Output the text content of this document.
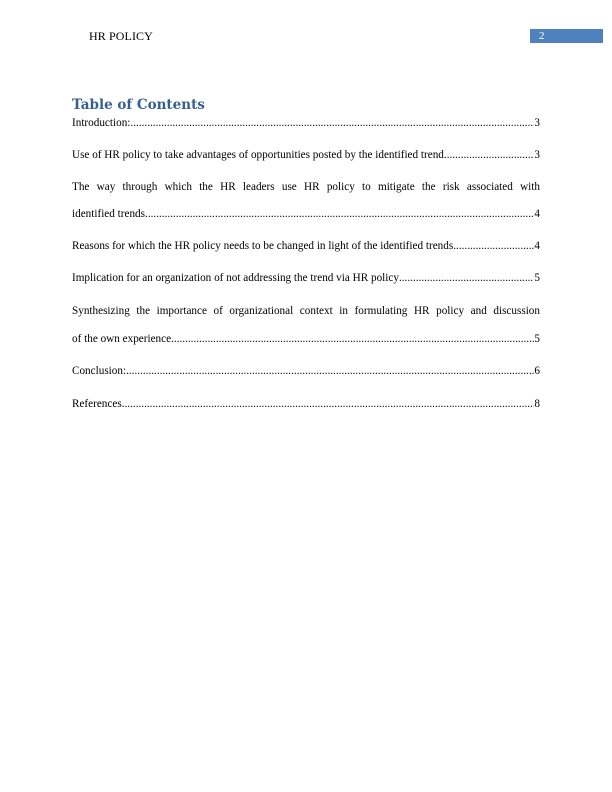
HR POLICY	2
Table of Contents
Introduction: .....	3
Use of HR policy to take advantages of opportunities posted by the identified trend .....	3
The way through which the HR leaders use HR policy to mitigate the risk associated with
identified trends .....	4
Reasons for which the HR policy needs to be changed in light of the identified trends .....	4
Implication for an organization of not addressing the trend via HR policy .....	5
Synthesizing the importance of organizational context in formulating HR policy and discussion
of the own experience .....	5
Conclusion: .....	6
References .....	8
